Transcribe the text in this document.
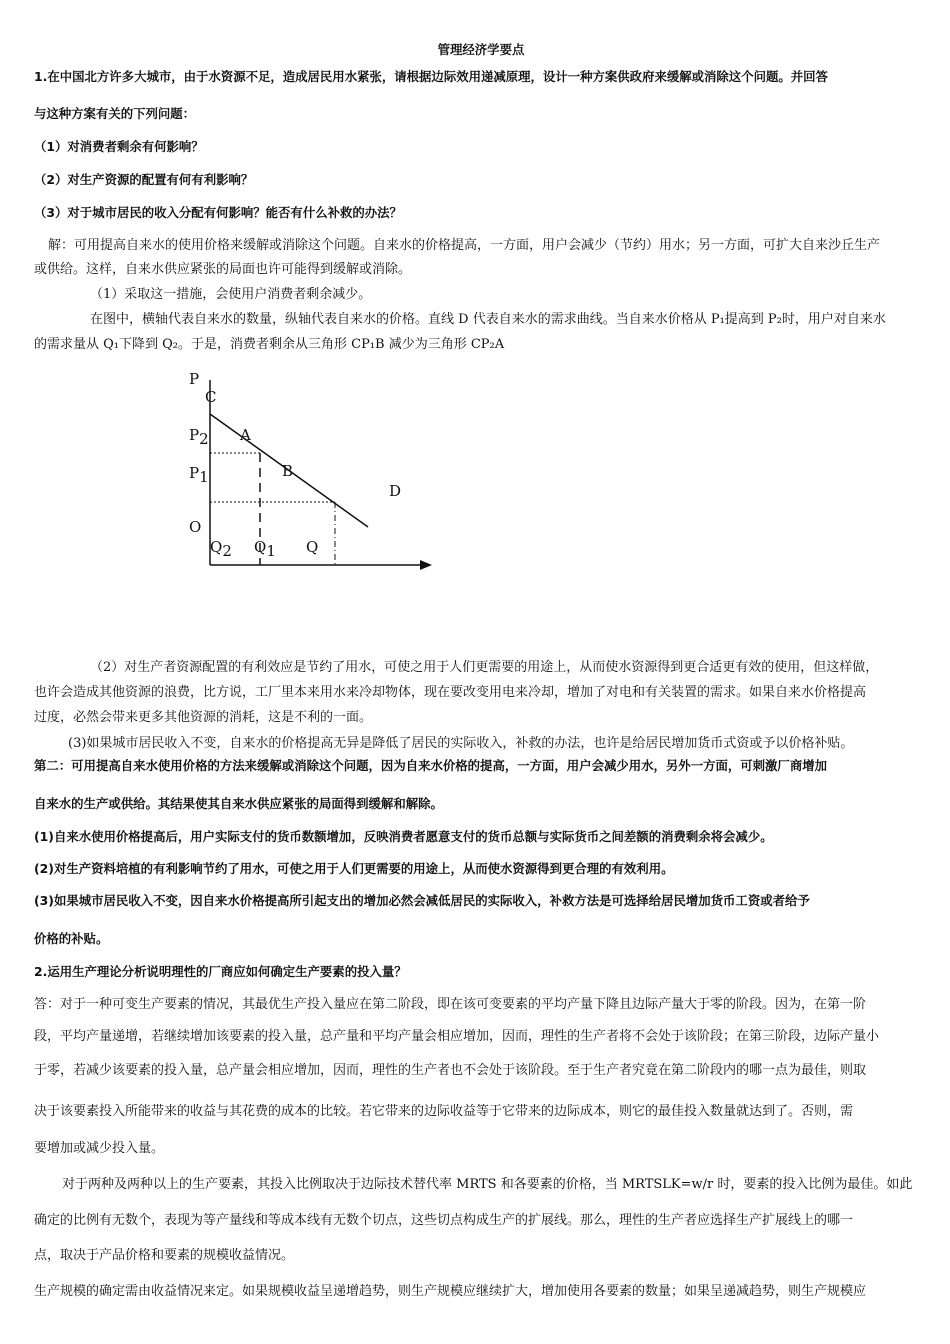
管理经济学要点
1.在中国北方许多大城市，由于水资源不足，造成居民用水紧张，请根据边际效用递减原理，设计一种方案供政府来缓解或消除这个问题。并回答
与这种方案有关的下列问题：
（1）对消费者剩余有何影响？
（2）对生产资源的配置有何有利影响？
（3）对于城市居民的收入分配有何影响？能否有什么补救的办法？
解：可用提高自来水的使用价格来缓解或消除这个问题。自来水的价格提高，一方面，用户会减少（节约）用水；另一方面，可扩大自来沙丘生产
或供给。这样，自来水供应紧张的局面也许可能得到缓解或消除。
（1）采取这一措施，会使用户消费者剩余减少。
在图中，横轴代表自来水的数量，纵轴代表自来水的价格。直线 D 代表自来水的需求曲线。当自来水价格从 P₁提高到 P₂时，用户对自来水
的需求量从 Q₁下降到 Q₂。于是，消费者剩余从三角形 CP₁B 减少为三角形 CP₂A
P
C
P2 A
P1	B
D
O
Q2 Q1 Q
（2）对生产者资源配置的有利效应是节约了用水，可使之用于人们更需要的用途上，从而使水资源得到更合适更有效的使用，但这样做，
也许会造成其他资源的浪费，比方说，工厂里本来用水来冷却物体，现在要改变用电来冷却，增加了对电和有关装置的需求。如果自来水价格提高
过度，必然会带来更多其他资源的消耗，这是不利的一面。
(3)如果城市居民收入不变，自来水的价格提高无异是降低了居民的实际收入，补救的办法，也许是给居民增加货币式资或予以价格补贴。
第二：可用提高自来水使用价格的方法来缓解或消除这个问题，因为自来水价格的提高，一方面，用户会减少用水，另外一方面，可刺激厂商增加
自来水的生产或供给。其结果使其自来水供应紧张的局面得到缓解和解除。
(1)自来水使用价格提高后，用户实际支付的货币数额增加，反映消费者愿意支付的货币总额与实际货币之间差额的消费剩余将会减少。
(2)对生产资料培植的有利影响节约了用水，可使之用于人们更需要的用途上，从而使水资源得到更合理的有效利用。
(3)如果城市居民收入不变，因自来水价格提高所引起支出的增加必然会减低居民的实际收入，补救方法是可选择给居民增加货币工资或者给予
价格的补贴。
2.运用生产理论分析说明理性的厂商应如何确定生产要素的投入量？
答：对于一种可变生产要素的情况，其最优生产投入量应在第二阶段，即在该可变要素的平均产量下降且边际产量大于零的阶段。因为，在第一阶
段，平均产量递增，若继续增加该要素的投入量，总产量和平均产量会相应增加，因而，理性的生产者将不会处于该阶段；在第三阶段，边际产量小
于零，若减少该要素的投入量，总产量会相应增加，因而，理性的生产者也不会处于该阶段。至于生产者究竟在第二阶段内的哪一点为最佳，则取
决于该要素投入所能带来的收益与其花费的成本的比较。若它带来的边际收益等于它带来的边际成本，则它的最佳投入数量就达到了。否则，需
要增加或减少投入量。
对于两种及两种以上的生产要素，其投入比例取决于边际技术替代率 MRTS 和各要素的价格，当 MRTSLK=w/r 时，要素的投入比例为最佳。如此
确定的比例有无数个，表现为等产量线和等成本线有无数个切点，这些切点构成生产的扩展线。那么，理性的生产者应选择生产扩展线上的哪一
点，取决于产品价格和要素的规模收益情况。
生产规模的确定需由收益情况来定。如果规模收益呈递增趋势，则生产规模应继续扩大，增加使用各要素的数量；如果呈递减趋势，则生产规模应
